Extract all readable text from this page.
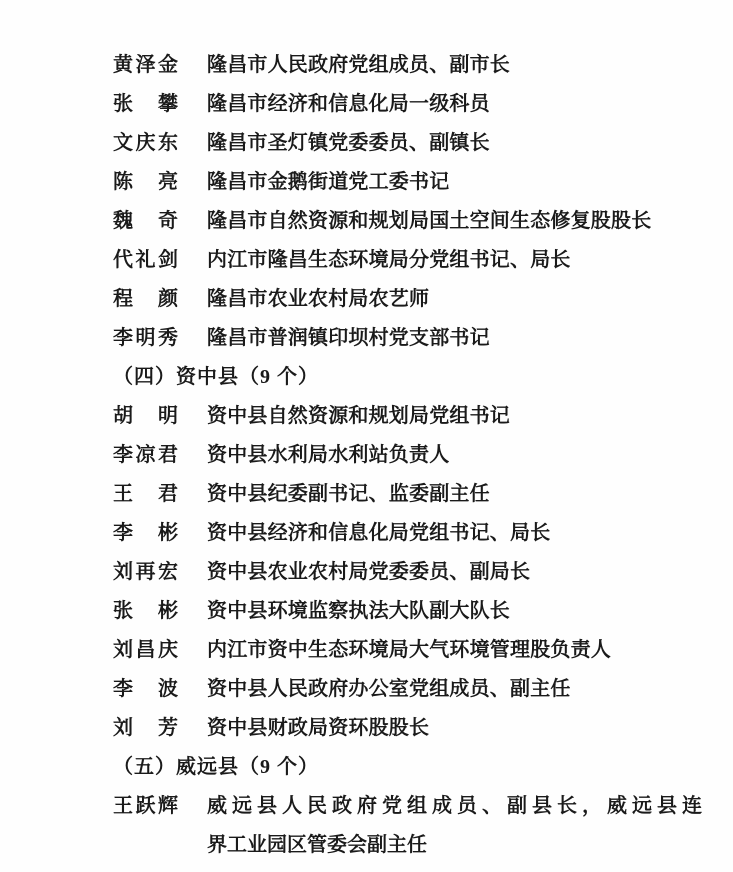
黄泽金	隆昌市人民政府党组成员、副市长
张　攀	隆昌市经济和信息化局一级科员
文庆东	隆昌市圣灯镇党委委员、副镇长
陈　亮	隆昌市金鹅街道党工委书记
魏　奇	隆昌市自然资源和规划局国土空间生态修复股股长
代礼剑	内江市隆昌生态环境局分党组书记、局长
程　颜	隆昌市农业农村局农艺师
李明秀	隆昌市普润镇印坝村党支部书记
（四）资中县（9 个）
胡　明	资中县自然资源和规划局党组书记
李凉君	资中县水利局水利站负责人
王　君	资中县纪委副书记、监委副主任
李　彬	资中县经济和信息化局党组书记、局长
刘再宏	资中县农业农村局党委委员、副局长
张　彬	资中县环境监察执法大队副大队长
刘昌庆	内江市资中生态环境局大气环境管理股负责人
李　波	资中县人民政府办公室党组成员、副主任
刘　芳	资中县财政局资环股股长
（五）威远县（9 个）
王跃辉	威远县人民政府党组成员、副县长，威远县连
界工业园区管委会副主任
